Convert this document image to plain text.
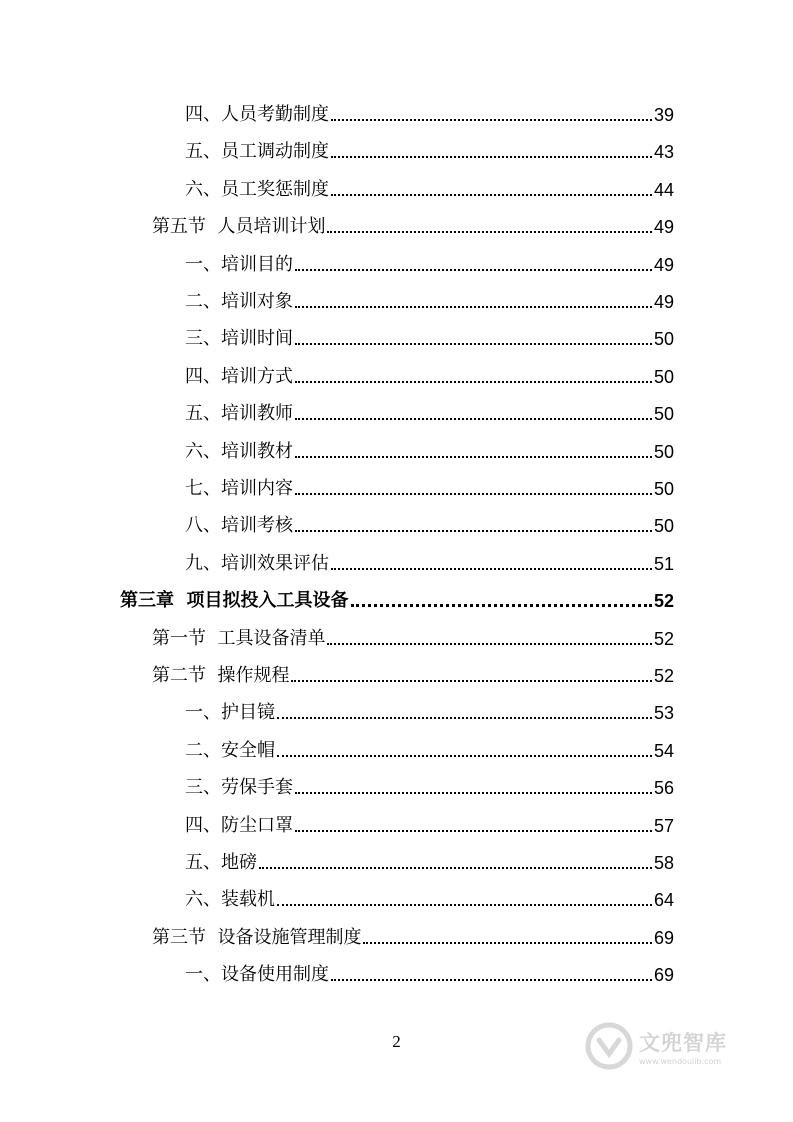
四、人员考勤制度	39
五、员工调动制度	43
六、员工奖惩制度	44
第五节  人员培训计划	49
一、培训目的	49
二、培训对象	49
三、培训时间	50
四、培训方式	50
五、培训教师	50
六、培训教材	50
七、培训内容	50
八、培训考核	50
九、培训效果评估	51
第三章  项目拟投入工具设备	52
第一节  工具设备清单	52
第二节  操作规程	52
一、护目镜	53
二、安全帽	54
三、劳保手套	56
四、防尘口罩	57
五、地磅	58
六、装载机	64
第三节  设备设施管理制度	69
一、设备使用制度	69
2	文兜智库
www.wendoulib.com
